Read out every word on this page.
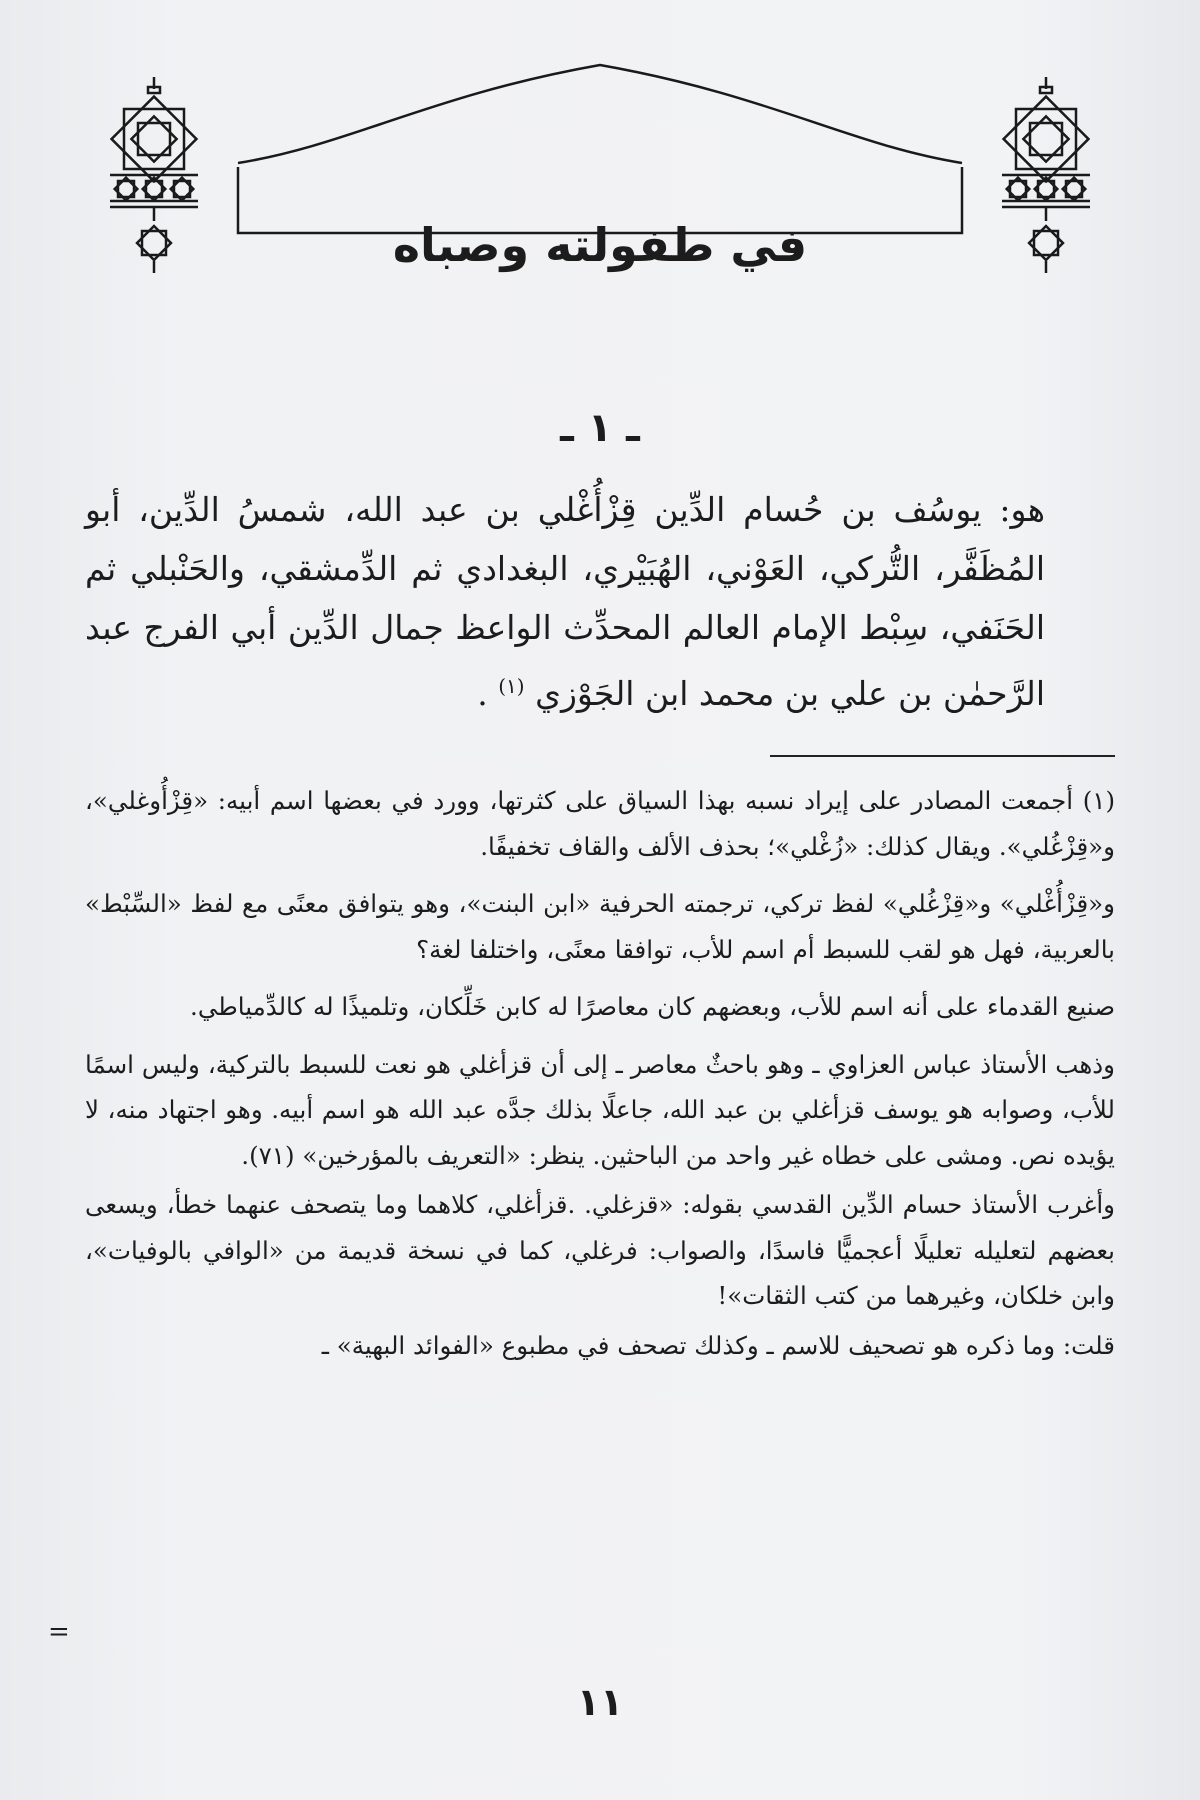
في طفولته وصباه
ـ ١ ـ

هو: يوسُف بن حُسام الدِّين قِزْأُغْلي بن عبد الله، شمسُ الدِّين، أبو المُظَفَّر، التُّركي، العَوْني، الهُبَيْري، البغدادي ثم الدِّمشقي، والحَنْبلي ثم الحَنَفي، سِبْط الإمام العالم المحدِّث الواعظ جمال الدِّين أبي الفرج عبد الرَّحمٰن بن علي بن محمد ابن الجَوْزي $^{(١)}$ .

(١) أجمعت المصادر على إيراد نسبه بهذا السياق على كثرتها، وورد في بعضها اسم أبيه: «قِزْأُوغلي»، و«قِزْغُلي». ويقال كذلك: «زُغْلي»؛ بحذف الألف والقاف تخفيفًا.

و«قِزْأُغْلي» و«قِزْغُلي» لفظ تركي، ترجمته الحرفية «ابن البنت»، وهو يتوافق معنًى مع لفظ «السِّبْط» بالعربية، فهل هو لقب للسبط أم اسم للأب، توافقا معنًى، واختلفا لغة؟

صنيع القدماء على أنه اسم للأب، وبعضهم كان معاصرًا له كابن خَلِّكان، وتلميذًا له كالدِّمياطي.

وذهب الأستاذ عباس العزاوي ـ وهو باحثٌ معاصر ـ إلى أن قزأغلي هو نعت للسبط بالتركية، وليس اسمًا للأب، وصوابه هو يوسف قزأغلي بن عبد الله، جاعلًا بذلك جدَّه عبد الله هو اسم أبيه. وهو اجتهاد منه، لا يؤيده نص. ومشى على خطاه غير واحد من الباحثين. ينظر: «التعريف بالمؤرخين» (٧١).

وأغرب الأستاذ حسام الدِّين القدسي بقوله: «قزغلي. .قزأغلي، كلاهما وما يتصحف عنهما خطأ، ويسعى بعضهم لتعليله تعليلًا أعجميًّا فاسدًا، والصواب: فرغلي، كما في نسخة قديمة من «الوافي بالوفيات»، وابن خلكان، وغيرهما من كتب الثقات»!

قلت: وما ذكره هو تصحيف للاسم ـ وكذلك تصحف في مطبوع «الفوائد البهية» ـ

=
١١
